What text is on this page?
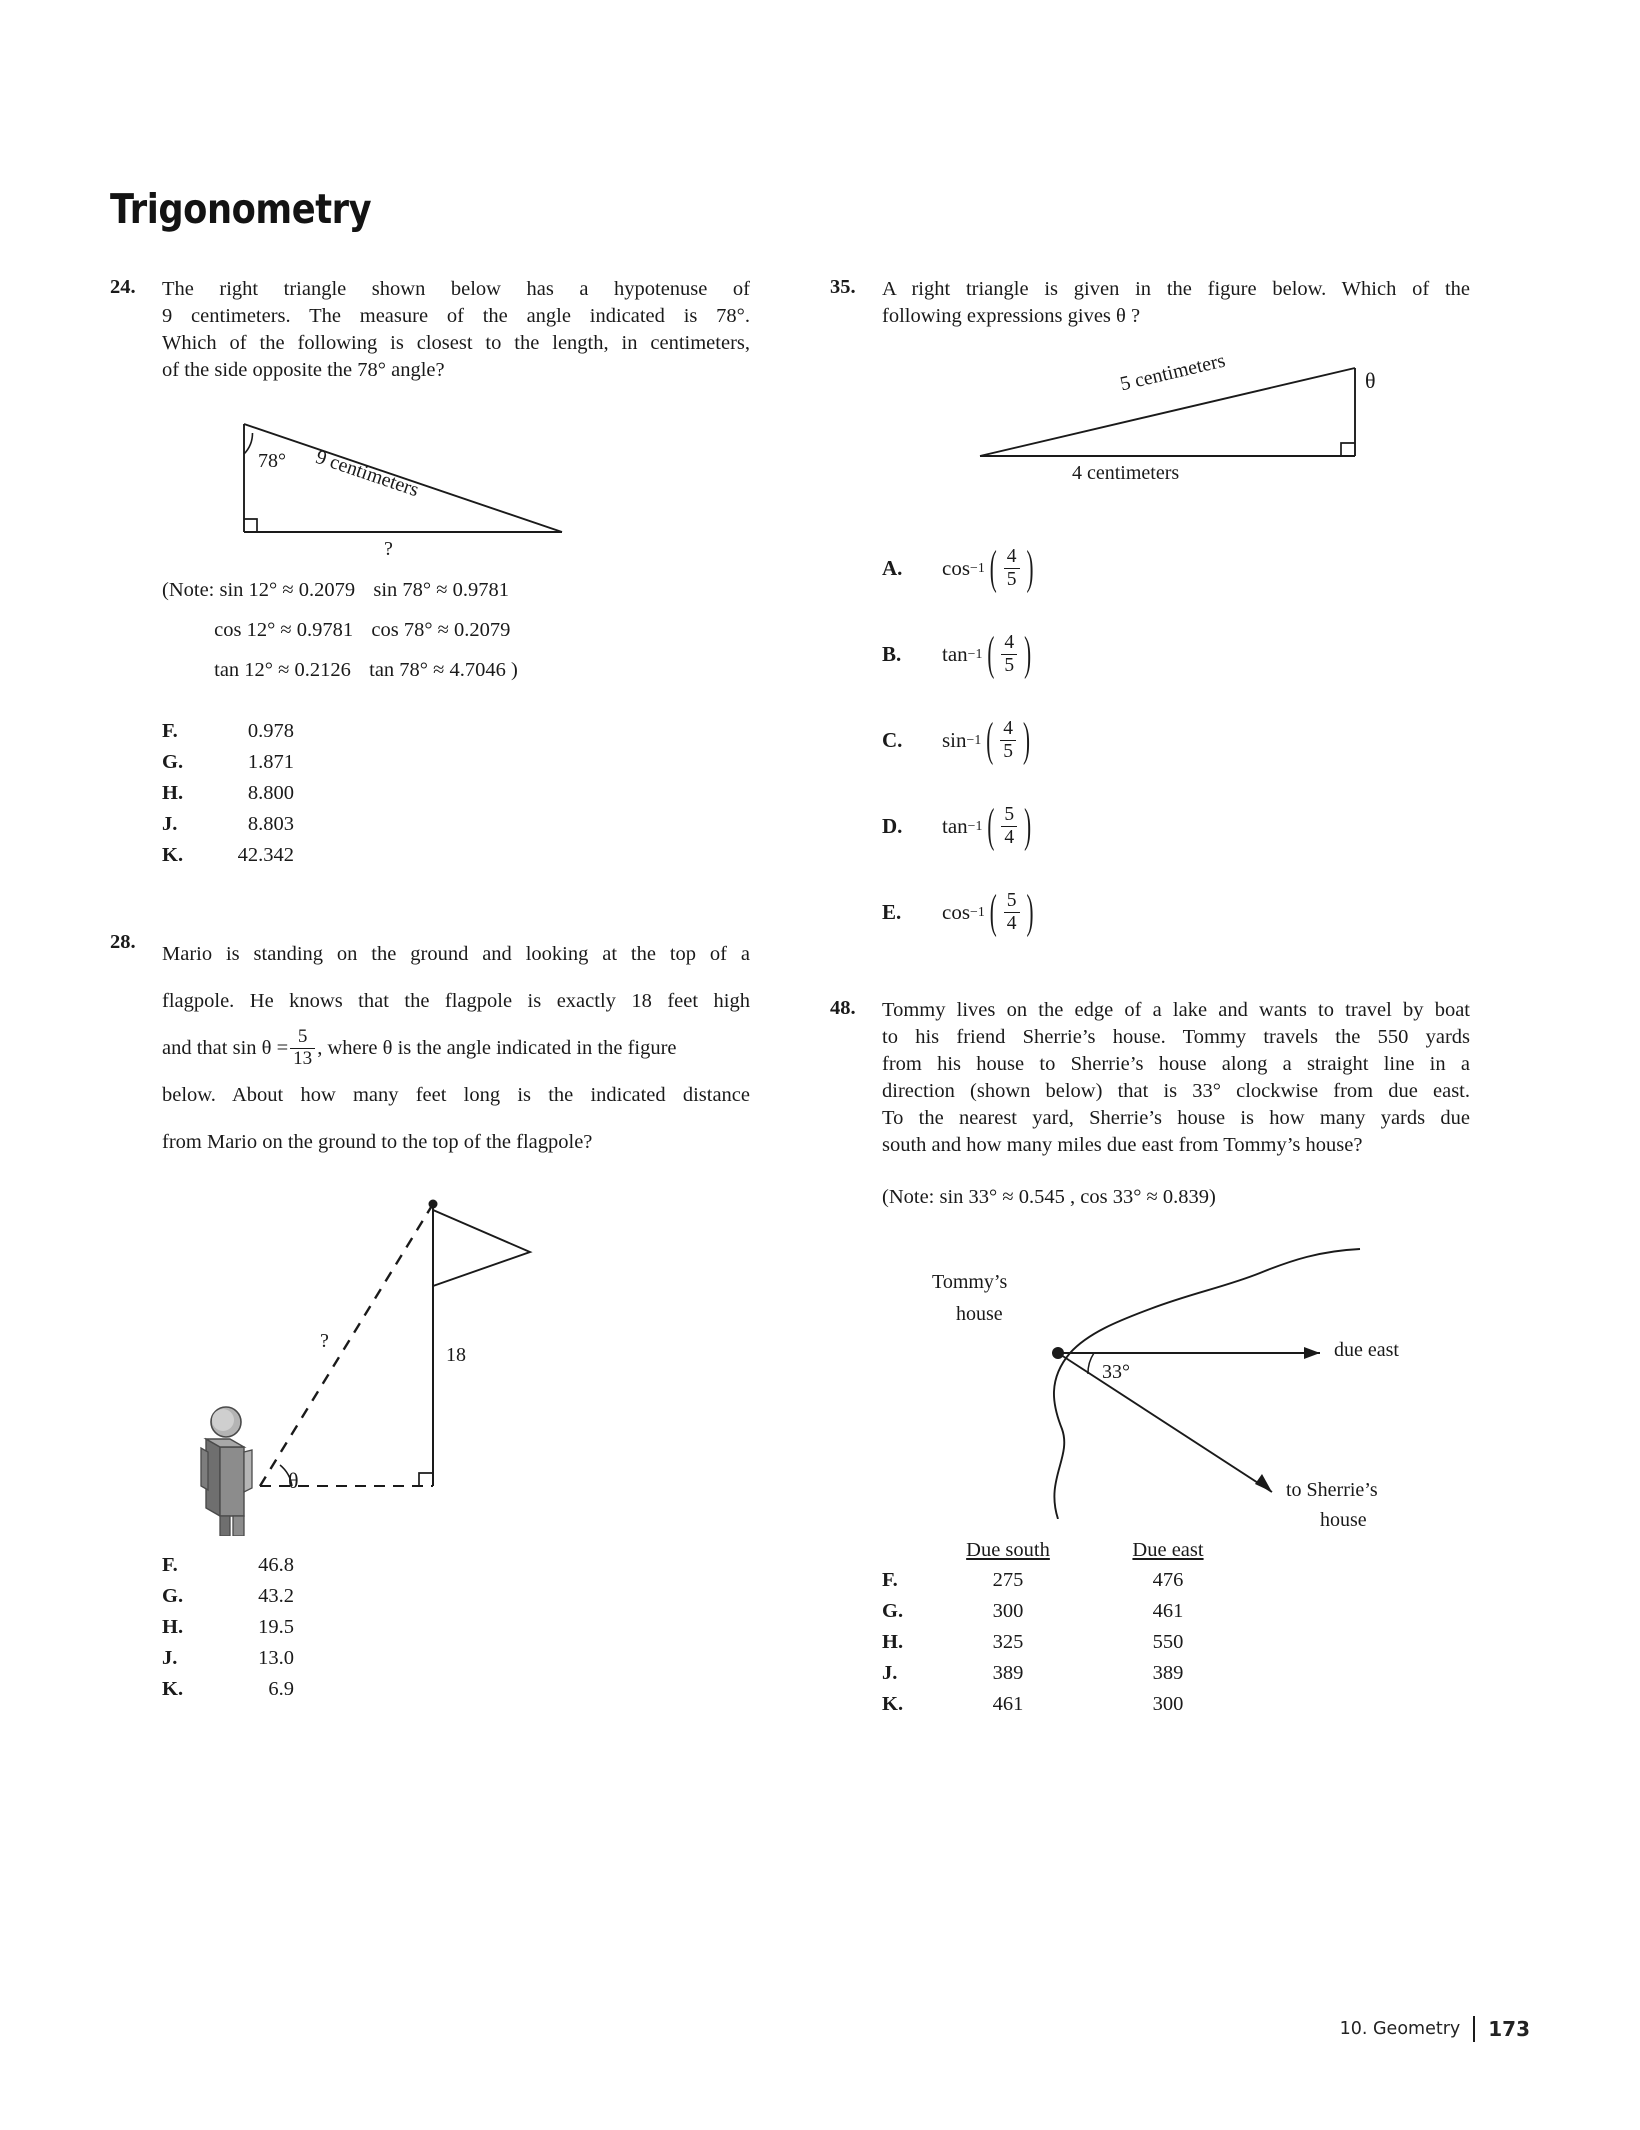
Trigonometry
24. The right triangle shown below has a hypotenuse of
9 centimeters. The measure of the angle indicated is 78°.
Which of the following is closest to the length, in centimeters,
of the side opposite the 78° angle?
78° 9 centimeters
?
(Note: sin 12° ≈ 0.2079 sin 78° ≈ 0.9781
cos 12° ≈ 0.9781 cos 78° ≈ 0.2079
tan 12° ≈ 0.2126 tan 78° ≈ 4.7046 )
F.	0.978
G.	1.871
H.	8.800
J.	8.803
K.	42.342
28.
Mario is standing on the ground and looking at the top of a
flagpole. He knows that the flagpole is exactly 18 feet high
and that $\sin \theta = \frac{5}{13}$ , where θ is the angle indicated in the figure
below. About how many feet long is the indicated distance
from Mario on the ground to the top of the flagpole?
?
18
θ
F.	46.8
G.	43.2
H.	19.5
J.	13.0
K.	6.9
35. A right triangle is given in the figure below. Which of the
following expressions gives θ ?
5 centimeters
4 centimeters
θ
A.	cos −1 ( $\frac{4}{5}$ )
B.	tan −1 ( $\frac{4}{5}$ )
C.	sin −1 ( $\frac{4}{5}$ )
D.	tan −1 ( $\frac{5}{4}$ )
E.	cos −1 ( $\frac{5}{4}$ )
48. Tommy lives on the edge of a lake and wants to travel by boat
to his friend Sherrie’s house. Tommy travels the 550 yards
from his house to Sherrie’s house along a straight line in a
direction (shown below) that is 33° clockwise from due east.
To the nearest yard, Sherrie’s house is how many yards due
south and how many miles due east from Tommy’s house?
(Note: sin 33° ≈ 0.545 , cos 33° ≈ 0.839)
Tommy’s
house
33°
due east
to Sherrie’s
house
Due south	Due east
F.	275	476
G.	300	461
H.	325	550
J.	389	389
K.	461	300
10. Geometry 173
